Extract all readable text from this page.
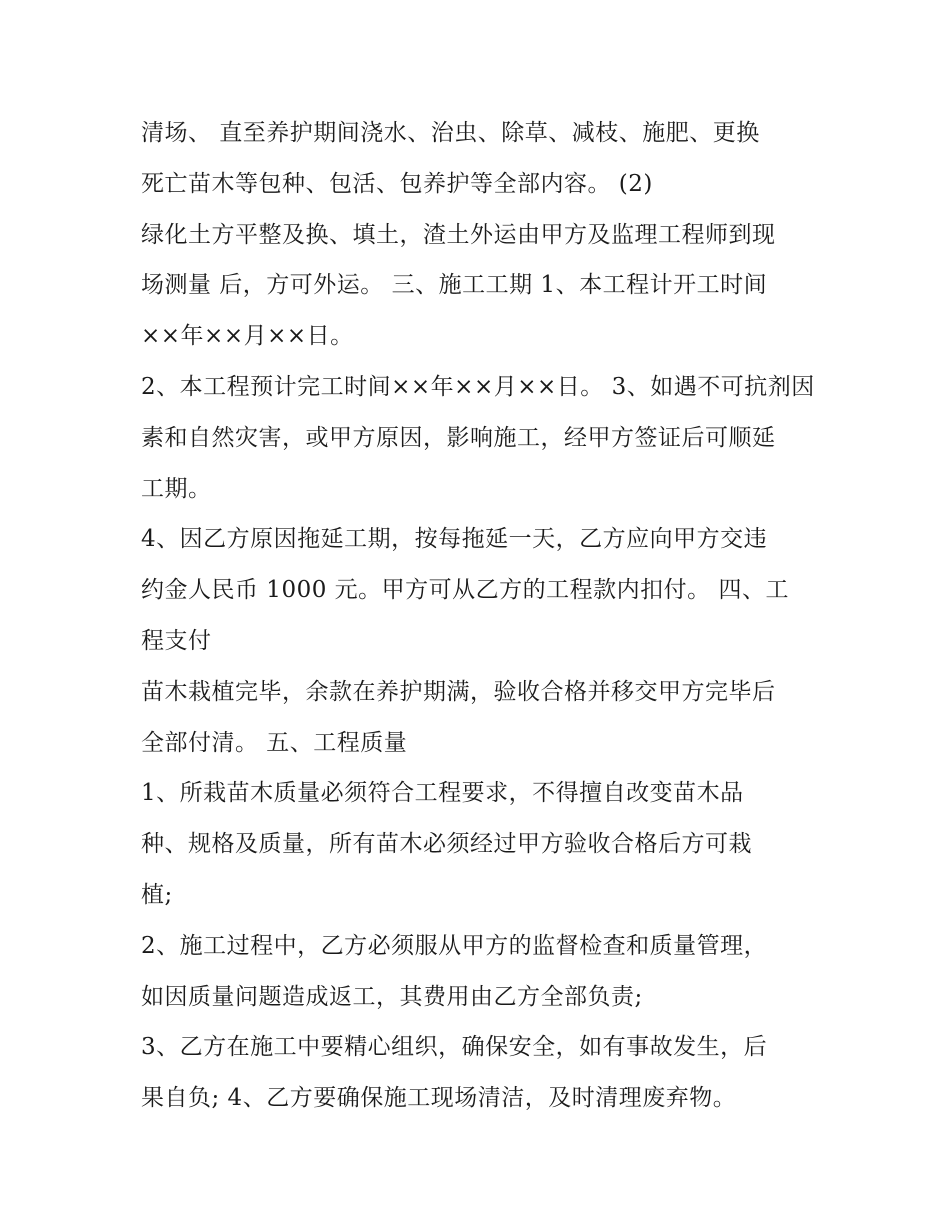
清场、 直至养护期间浇水、治虫、除草、减枝、施肥、更换
死亡苗木等包种、包活、包养护等全部内容。 (2)
绿化土方平整及换、填土，渣土外运由甲方及监理工程师到现
场测量 后，方可外运。 三、施工工期 1、本工程计开工时间
××年××月××日。
2、本工程预计完工时间××年××月××日。 3、如遇不可抗剂因
素和自然灾害，或甲方原因，影响施工，经甲方签证后可顺延
工期。
4、因乙方原因拖延工期，按每拖延一天，乙方应向甲方交违
约金人民币 1000 元。甲方可从乙方的工程款内扣付。 四、工
程支付
苗木栽植完毕，余款在养护期满，验收合格并移交甲方完毕后
全部付清。 五、工程质量
1、所栽苗木质量必须符合工程要求，不得擅自改变苗木品
种、规格及质量，所有苗木必须经过甲方验收合格后方可栽
植;
2、施工过程中，乙方必须服从甲方的监督检查和质量管理，
如因质量问题造成返工，其费用由乙方全部负责;
3、乙方在施工中要精心组织，确保安全，如有事故发生，后
果自负; 4、乙方要确保施工现场清洁，及时清理废弃物。
